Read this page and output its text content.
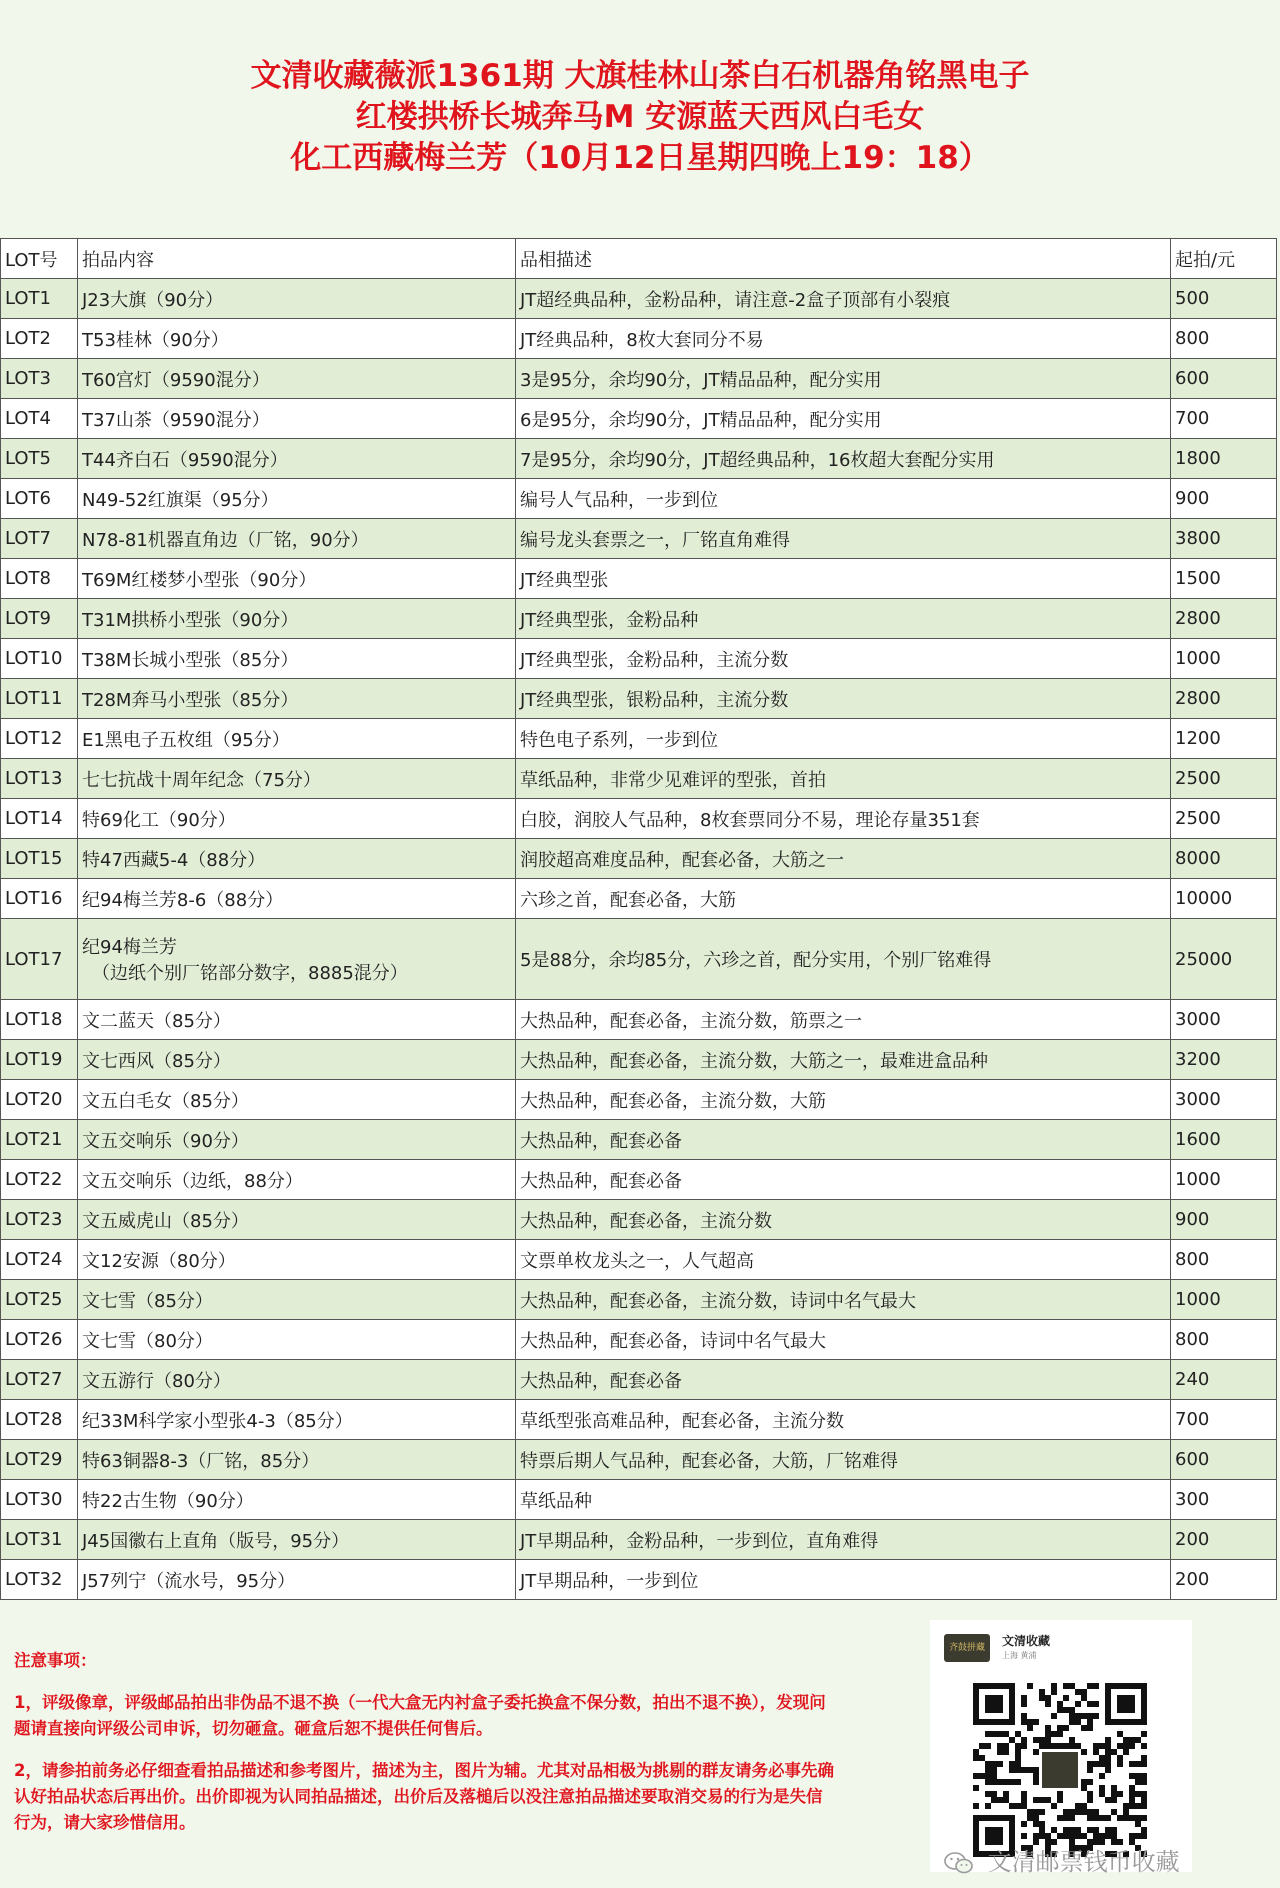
文清收藏薇派1361期 大旗桂林山茶白石机器角铭黑电子
红楼拱桥长城奔马M 安源蓝天西风白毛女
化工西藏梅兰芳（10月12日星期四晚上19：18）
LOT号	拍品内容	品相描述	起拍/元
LOT1	J23大旗（90分）	JT超经典品种，金粉品种，请注意-2盒子顶部有小裂痕	500
LOT2	T53桂林（90分）	JT经典品种，8枚大套同分不易	800
LOT3	T60宫灯（9590混分）	3是95分，余均90分，JT精品品种，配分实用	600
LOT4	T37山茶（9590混分）	6是95分，余均90分，JT精品品种，配分实用	700
LOT5	T44齐白石（9590混分）	7是95分，余均90分，JT超经典品种，16枚超大套配分实用	1800
LOT6	N49-52红旗渠（95分）	编号人气品种，一步到位	900
LOT7	N78-81机器直角边（厂铭，90分）	编号龙头套票之一，厂铭直角难得	3800
LOT8	T69M红楼梦小型张（90分）	JT经典型张	1500
LOT9	T31M拱桥小型张（90分）	JT经典型张，金粉品种	2800
LOT10	T38M长城小型张（85分）	JT经典型张，金粉品种，主流分数	1000
LOT11	T28M奔马小型张（85分）	JT经典型张，银粉品种，主流分数	2800
LOT12	E1黑电子五枚组（95分）	特色电子系列，一步到位	1200
LOT13	七七抗战十周年纪念（75分）	草纸品种，非常少见难评的型张，首拍	2500
LOT14	特69化工（90分）	白胶，润胶人气品种，8枚套票同分不易，理论存量351套	2500
LOT15	特47西藏5-4（88分）	润胶超高难度品种，配套必备，大筋之一	8000
LOT16	纪94梅兰芳8-6（88分）	六珍之首，配套必备，大筋	10000
LOT17	纪94梅兰芳
（边纸个别厂铭部分数字，8885混分）	5是88分，余均85分，六珍之首，配分实用，个别厂铭难得	25000
LOT18	文二蓝天（85分）	大热品种，配套必备，主流分数，筋票之一	3000
LOT19	文七西风（85分）	大热品种，配套必备，主流分数，大筋之一，最难进盒品种	3200
LOT20	文五白毛女（85分）	大热品种，配套必备，主流分数，大筋	3000
LOT21	文五交响乐（90分）	大热品种，配套必备	1600
LOT22	文五交响乐（边纸，88分）	大热品种，配套必备	1000
LOT23	文五威虎山（85分）	大热品种，配套必备，主流分数	900
LOT24	文12安源（80分）	文票单枚龙头之一，人气超高	800
LOT25	文七雪（85分）	大热品种，配套必备，主流分数，诗词中名气最大	1000
LOT26	文七雪（80分）	大热品种，配套必备，诗词中名气最大	800
LOT27	文五游行（80分）	大热品种，配套必备	240
LOT28	纪33M科学家小型张4-3（85分）	草纸型张高难品种，配套必备，主流分数	700
LOT29	特63铜器8-3（厂铭，85分）	特票后期人气品种，配套必备，大筋，厂铭难得	600
LOT30	特22古生物（90分）	草纸品种	300
LOT31	J45国徽右上直角（版号，95分）	JT早期品种，金粉品种，一步到位，直角难得	200
LOT32	J57列宁（流水号，95分）	JT早期品种，一步到位	200
注意事项：

1，评级像章，评级邮品拍出非伪品不退不换（一代大盒无内衬盒子委托换盒不保分数，拍出不退不换），发现问题请直接向评级公司申诉，切勿砸盒。砸盒后恕不提供任何售后。

2，请参拍前务必仔细查看拍品描述和参考图片，描述为主，图片为辅。尤其对品相极为挑剔的群友请务必事先确认好拍品状态后再出价。出价即视为认同拍品描述，出价后及落槌后以没注意拍品描述要取消交易的行为是失信行为，请大家珍惜信用。

齐鼓拼藏	文清收藏
上海 黄浦
文清邮票钱币收藏
